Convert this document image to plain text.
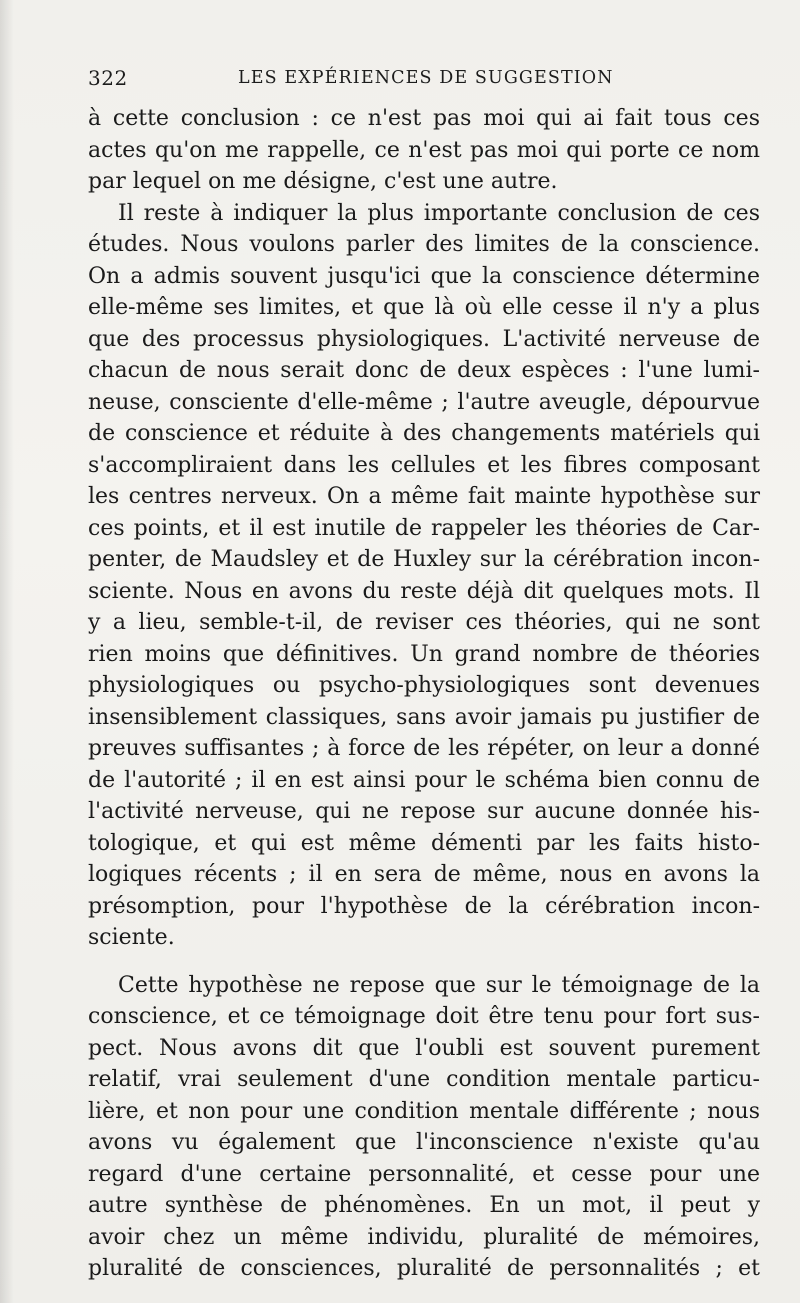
322	LES EXPÉRIENCES DE SUGGESTION
à cette conclusion : ce n'est pas moi qui ai fait tous ces
actes qu'on me rappelle, ce n'est pas moi qui porte ce nom
par lequel on me désigne, c'est une autre.
Il reste à indiquer la plus importante conclusion de ces
études. Nous voulons parler des limites de la conscience.
On a admis souvent jusqu'ici que la conscience détermine
elle-même ses limites, et que là où elle cesse il n'y a plus
que des processus physiologiques. L'activité nerveuse de
chacun de nous serait donc de deux espèces : l'une lumi-
neuse, consciente d'elle-même ; l'autre aveugle, dépourvue
de conscience et réduite à des changements matériels qui
s'accompliraient dans les cellules et les fibres composant
les centres nerveux. On a même fait mainte hypothèse sur
ces points, et il est inutile de rappeler les théories de Car-
penter, de Maudsley et de Huxley sur la cérébration incon-
sciente. Nous en avons du reste déjà dit quelques mots. Il
y a lieu, semble-t-il, de reviser ces théories, qui ne sont
rien moins que définitives. Un grand nombre de théories
physiologiques ou psycho-physiologiques sont devenues
insensiblement classiques, sans avoir jamais pu justifier de
preuves suffisantes ; à force de les répéter, on leur a donné
de l'autorité ; il en est ainsi pour le schéma bien connu de
l'activité nerveuse, qui ne repose sur aucune donnée his-
tologique, et qui est même démenti par les faits histo-
logiques récents ; il en sera de même, nous en avons la
présomption, pour l'hypothèse de la cérébration incon-
sciente.
Cette hypothèse ne repose que sur le témoignage de la
conscience, et ce témoignage doit être tenu pour fort sus-
pect. Nous avons dit que l'oubli est souvent purement
relatif, vrai seulement d'une condition mentale particu-
lière, et non pour une condition mentale différente ; nous
avons vu également que l'inconscience n'existe qu'au
regard d'une certaine personnalité, et cesse pour une
autre synthèse de phénomènes. En un mot, il peut y
avoir chez un même individu, pluralité de mémoires,
pluralité de consciences, pluralité de personnalités ; et
